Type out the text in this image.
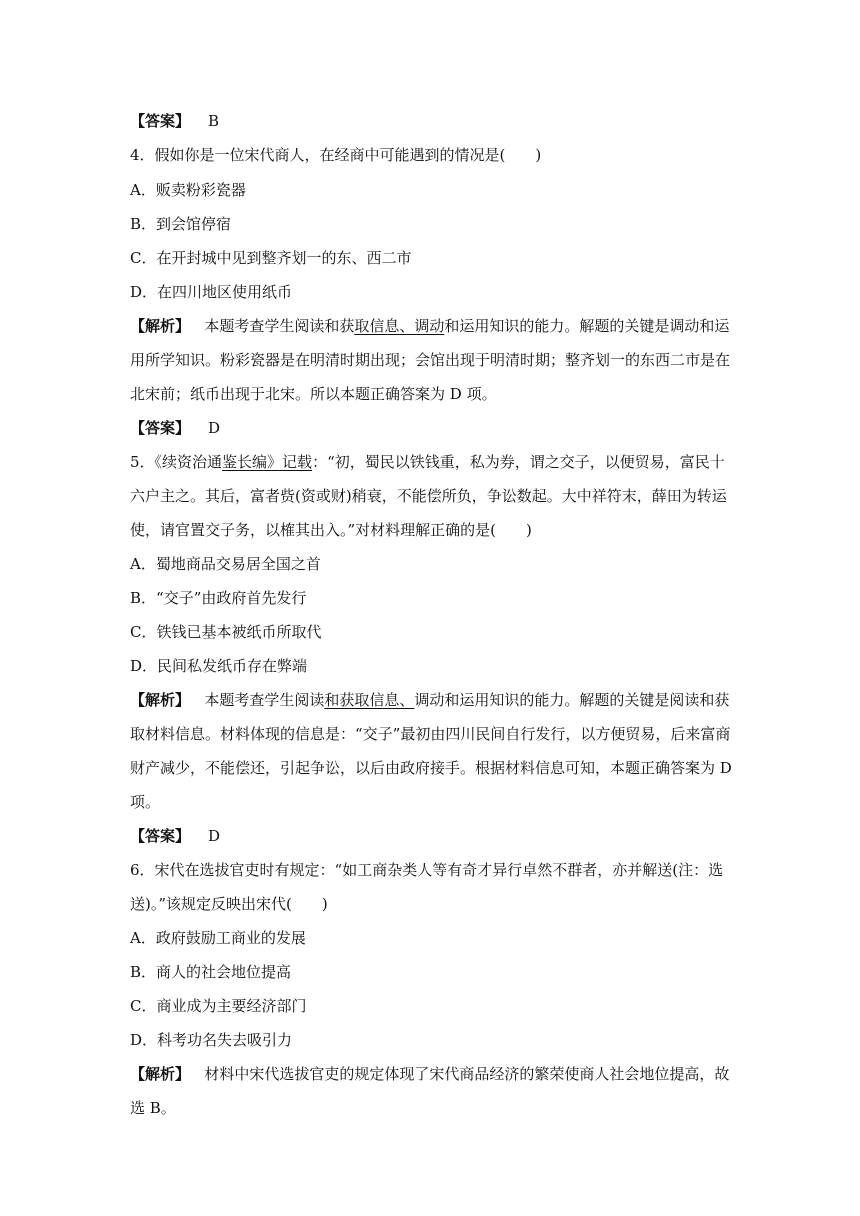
【答案】 B
4．假如你是一位宋代商人，在经商中可能遇到的情况是(　　)
A．贩卖粉彩瓷器
B．到会馆停宿
C．在开封城中见到整齐划一的东、西二市
D．在四川地区使用纸币
【解析】 本题考查学生阅读和获取信息、调动和运用知识的能力。解题的关键是调动和运
用所学知识。粉彩瓷器是在明清时期出现；会馆出现于明清时期；整齐划一的东西二市是在
北宋前；纸币出现于北宋。所以本题正确答案为 D 项。
【答案】 D
5．《续资治通鉴长编》记载：“初，蜀民以铁钱重，私为券，谓之交子，以便贸易，富民十
六户主之。其后，富者赀(资或财)稍衰，不能偿所负，争讼数起。大中祥符末，薛田为转运
使，请官置交子务，以榷其出入。”对材料理解正确的是(　　)
A．蜀地商品交易居全国之首
B．“交子”由政府首先发行
C．铁钱已基本被纸币所取代
D．民间私发纸币存在弊端
【解析】 本题考查学生阅读和获取信息、调动和运用知识的能力。解题的关键是阅读和获
取材料信息。材料体现的信息是：“交子”最初由四川民间自行发行，以方便贸易，后来富商
财产减少，不能偿还，引起争讼，以后由政府接手。根据材料信息可知，本题正确答案为 D
项。
【答案】 D
6．宋代在选拔官吏时有规定：“如工商杂类人等有奇才异行卓然不群者，亦并解送(注：选
送)。”该规定反映出宋代(　　)
A．政府鼓励工商业的发展
B．商人的社会地位提高
C．商业成为主要经济部门
D．科考功名失去吸引力
【解析】 材料中宋代选拔官吏的规定体现了宋代商品经济的繁荣使商人社会地位提高，故
选 B。
